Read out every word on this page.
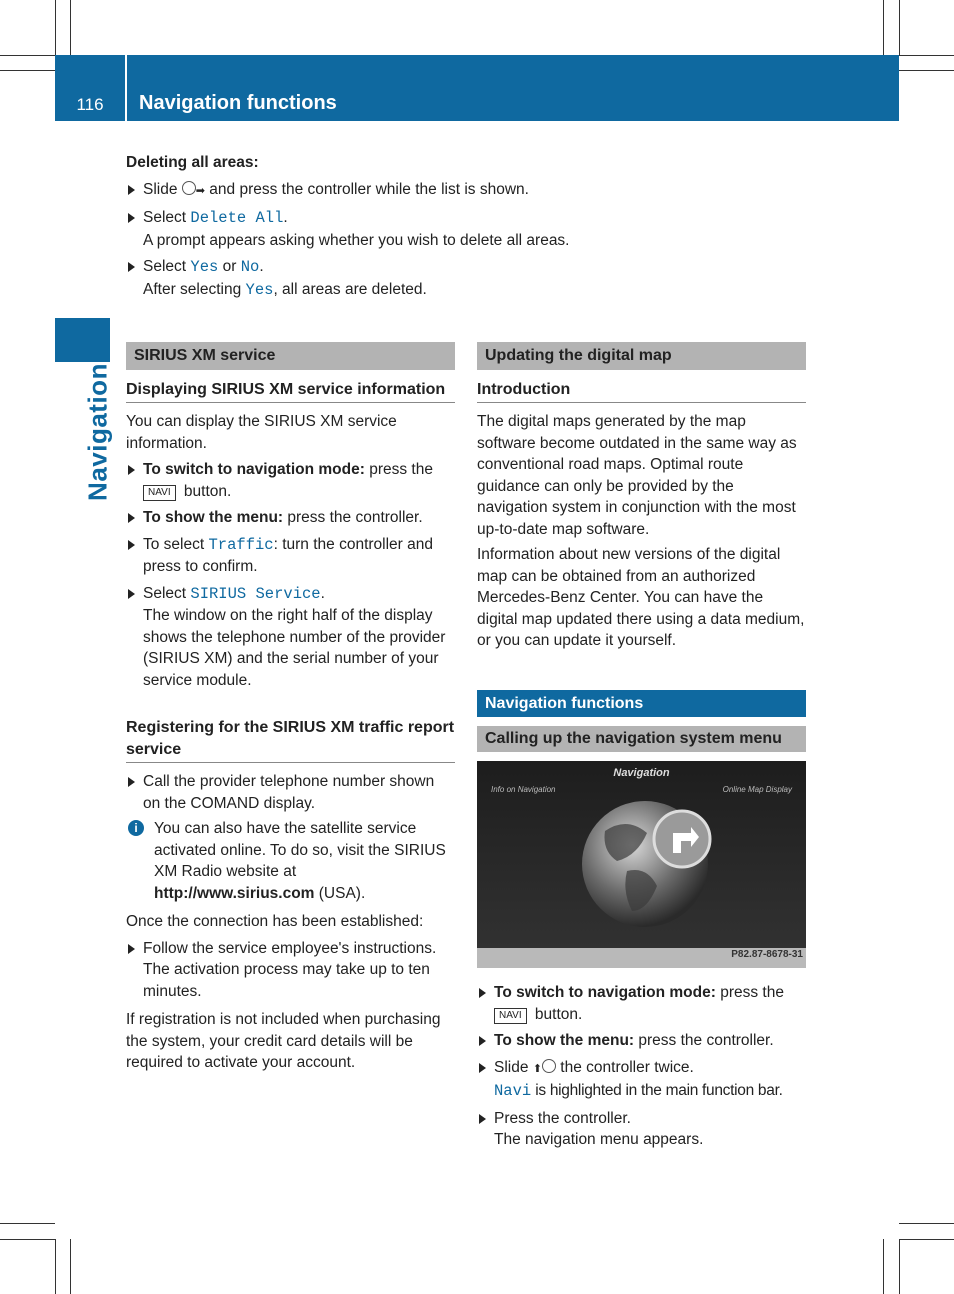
116	Navigation functions
Navigation
Deleting all areas:
Slide ➡ and press the controller while the list is shown.
Select Delete All.
A prompt appears asking whether you wish to delete all areas.
Select Yes or No.
After selecting Yes, all areas are deleted.
SIRIUS XM service
Displaying SIRIUS XM service information
You can display the SIRIUS XM service information.
To switch to navigation mode: press the
NAVI button.
To show the menu: press the controller.
To select Traffic: turn the controller and press to confirm.
Select SIRIUS Service.
The window on the right half of the display shows the telephone number of the provider (SIRIUS XM) and the serial number of your service module.
Registering for the SIRIUS XM traffic report service
Call the provider telephone number shown on the COMAND display.
i	You can also have the satellite service activated online. To do so, visit the SIRIUS XM Radio website at
http://www.sirius.com (USA).
Once the connection has been established:
Follow the service employee's instructions.
The activation process may take up to ten minutes.
If registration is not included when purchasing the system, your credit card details will be required to activate your account.
Updating the digital map
Introduction
The digital maps generated by the map software become outdated in the same way as conventional road maps. Optimal route guidance can only be provided by the navigation system in conjunction with the most up-to-date map software.
Information about new versions of the digital map can be obtained from an authorized Mercedes-Benz Center. You can have the digital map updated there using a data medium, or you can update it yourself.
Navigation functions
Calling up the navigation system menu
Navigation
Info on Navigation	Online Map Display
P82.87-8678-31
To switch to navigation mode: press the
NAVI button.
To show the menu: press the controller.
Slide ⬆ the controller twice.
Navi is highlighted in the main function bar.
Press the controller.
The navigation menu appears.
